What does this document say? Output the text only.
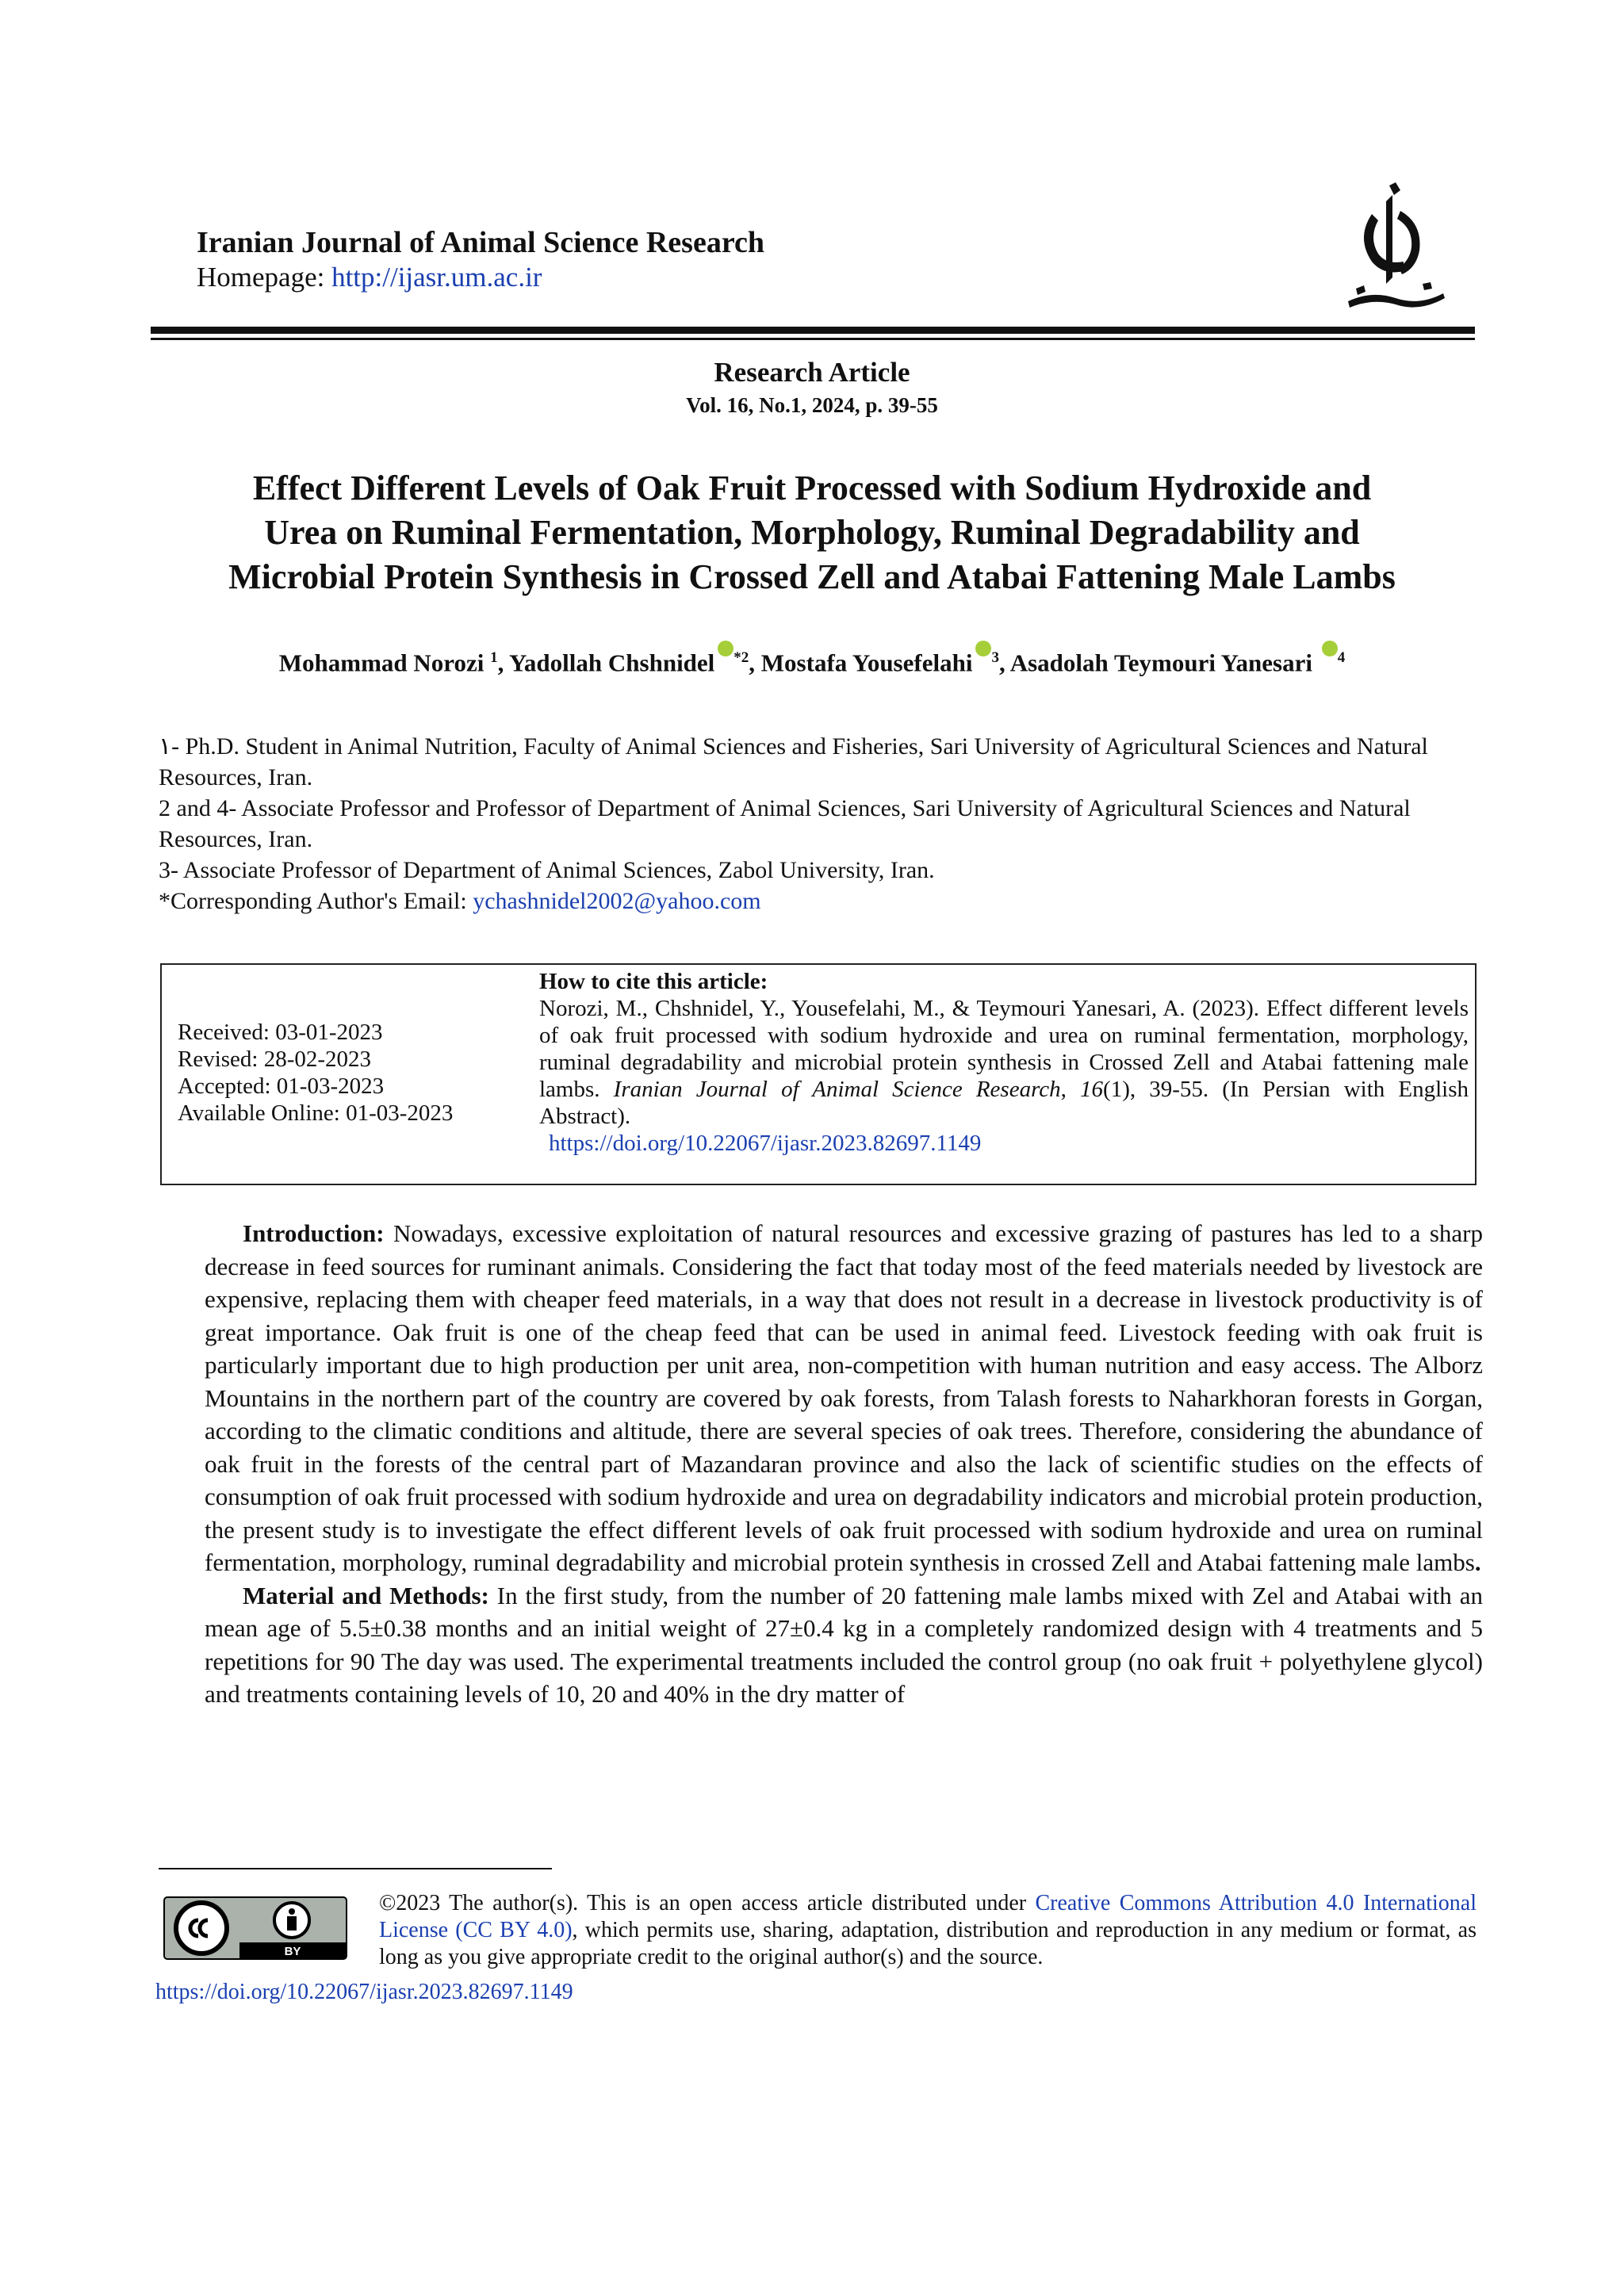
Iranian Journal of Animal Science Research
Homepage: http://ijasr.um.ac.ir
Research Article
Vol. 16, No.1, 2024, p. 39-55
Effect Different Levels of Oak Fruit Processed with Sodium Hydroxide and
Urea on Ruminal Fermentation, Morphology, Ruminal Degradability and
Microbial Protein Synthesis in Crossed Zell and Atabai Fattening Male Lambs
Mohammad Norozi $^1$, Yadollah ChshnideliD $^{*2}$, Mostafa YousefelahiiD $^3$, Asadolah Teymouri Yanesari $iD^4$
١- Ph.D. Student in Animal Nutrition, Faculty of Animal Sciences and Fisheries, Sari University of Agricultural Sciences and Natural Resources, Iran.
2 and 4- Associate Professor and Professor of Department of Animal Sciences, Sari University of Agricultural Sciences and Natural Resources, Iran.
3- Associate Professor of Department of Animal Sciences, Zabol University, Iran.
*Corresponding Author's Email: ychashnidel2002@yahoo.com
Received: 03-01-2023
Revised: 28-02-2023
Accepted: 01-03-2023
Available Online: 01-03-2023
How to cite this article:
Norozi, M., Chshnidel, Y., Yousefelahi, M., & Teymouri Yanesari, A. (2023). Effect different levels of oak fruit processed with sodium hydroxide and urea on ruminal fermentation, morphology, ruminal degradability and microbial protein synthesis in Crossed Zell and Atabai fattening male lambs. Iranian Journal of Animal Science Research, 16(1), 39-55. (In Persian with English Abstract).
https://doi.org/10.22067/ijasr.2023.82697.1149

Introduction: Nowadays, excessive exploitation of natural resources and excessive grazing of pastures has led to a sharp decrease in feed sources for ruminant animals. Considering the fact that today most of the feed materials needed by livestock are expensive, replacing them with cheaper feed materials, in a way that does not result in a decrease in livestock productivity is of great importance. Oak fruit is one of the cheap feed that can be used in animal feed. Livestock feeding with oak fruit is particularly important due to high production per unit area, non-competition with human nutrition and easy access. The Alborz Mountains in the northern part of the country are covered by oak forests, from Talash forests to Naharkhoran forests in Gorgan, according to the climatic conditions and altitude, there are several species of oak trees. Therefore, considering the abundance of oak fruit in the forests of the central part of Mazandaran province and also the lack of scientific studies on the effects of consumption of oak fruit processed with sodium hydroxide and urea on degradability indicators and microbial protein production, the present study is to investigate the effect different levels of oak fruit processed with sodium hydroxide and urea on ruminal fermentation, morphology, ruminal degradability and microbial protein synthesis in crossed Zell and Atabai fattening male lambs.

Material and Methods: In the first study, from the number of 20 fattening male lambs mixed with Zel and Atabai with an mean age of 5.5±0.38 months and an initial weight of 27±0.4 kg in a completely randomized design with 4 treatments and 5 repetitions for 90 The day was used. The experimental treatments included the control group (no oak fruit + polyethylene glycol) and treatments containing levels of 10, 20 and 40% in the dry matter of

BY
©2023 The author(s). This is an open access article distributed under Creative Commons Attribution 4.0 International License (CC BY 4.0), which permits use, sharing, adaptation, distribution and reproduction in any medium or format, as long as you give appropriate credit to the original author(s) and the source.
https://doi.org/10.22067/ijasr.2023.82697.1149
